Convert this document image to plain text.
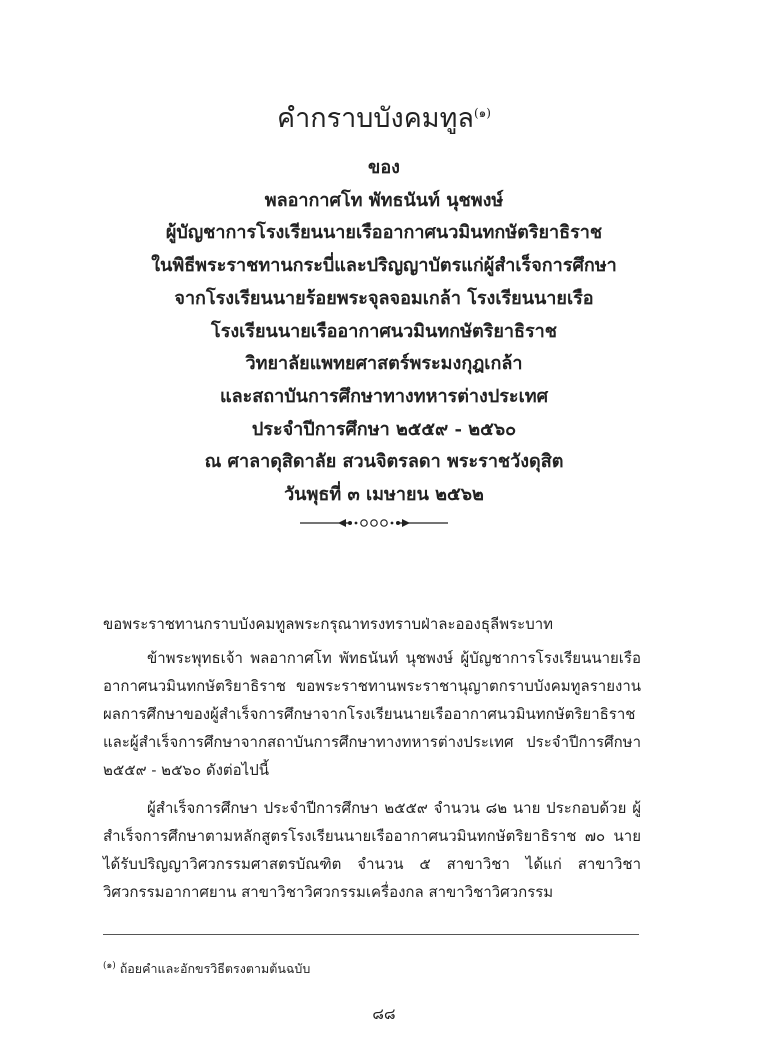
คำกราบบังคมทูล$^{(๑)}$
ของ
พลอากาศโท พัทธนันท์ นุชพงษ์
ผู้บัญชาการโรงเรียนนายเรืออากาศนวมินทกษัตริยาธิราช
ในพิธีพระราชทานกระบี่และปริญญาบัตรแก่ผู้สำเร็จการศึกษา
จากโรงเรียนนายร้อยพระจุลจอมเกล้า โรงเรียนนายเรือ
โรงเรียนนายเรืออากาศนวมินทกษัตริยาธิราช
วิทยาลัยแพทยศาสตร์พระมงกุฎเกล้า
และสถาบันการศึกษาทางทหารต่างประเทศ
ประจำปีการศึกษา ๒๕๕๙ - ๒๕๖๐
ณ ศาลาดุสิดาลัย สวนจิตรลดา พระราชวังดุสิต
วันพุธที่ ๓ เมษายน ๒๕๖๒

ขอพระราชทานกราบบังคมทูลพระกรุณาทรงทราบฝ่าละอองธุลีพระบาท

ข้าพระพุทธเจ้า พลอากาศโท พัทธนันท์ นุชพงษ์ ผู้บัญชาการโรงเรียนนายเรืออากาศนวมินทกษัตริยาธิราช ขอพระราชทานพระราชานุญาตกราบบังคมทูลรายงานผลการศึกษาของผู้สำเร็จการศึกษาจากโรงเรียนนายเรืออากาศนวมินทกษัตริยาธิราช และผู้สำเร็จการศึกษาจากสถาบันการศึกษาทางทหารต่างประเทศ ประจำปีการศึกษา ๒๕๕๙ - ๒๕๖๐ ดังต่อไปนี้

ผู้สำเร็จการศึกษา ประจำปีการศึกษา ๒๕๕๙ จำนวน ๘๒ นาย ประกอบด้วย ผู้สำเร็จการศึกษาตามหลักสูตรโรงเรียนนายเรืออากาศนวมินทกษัตริยาธิราช ๗๐ นาย ได้รับปริญญาวิศวกรรมศาสตรบัณฑิต จำนวน ๕ สาขาวิชา ได้แก่ สาขาวิชาวิศวกรรมอากาศยาน สาขาวิชาวิศวกรรมเครื่องกล สาขาวิชาวิศวกรรม

$^{(๑)}$ ถ้อยคำและอักขรวิธีตรงตามต้นฉบับ
๘๘
